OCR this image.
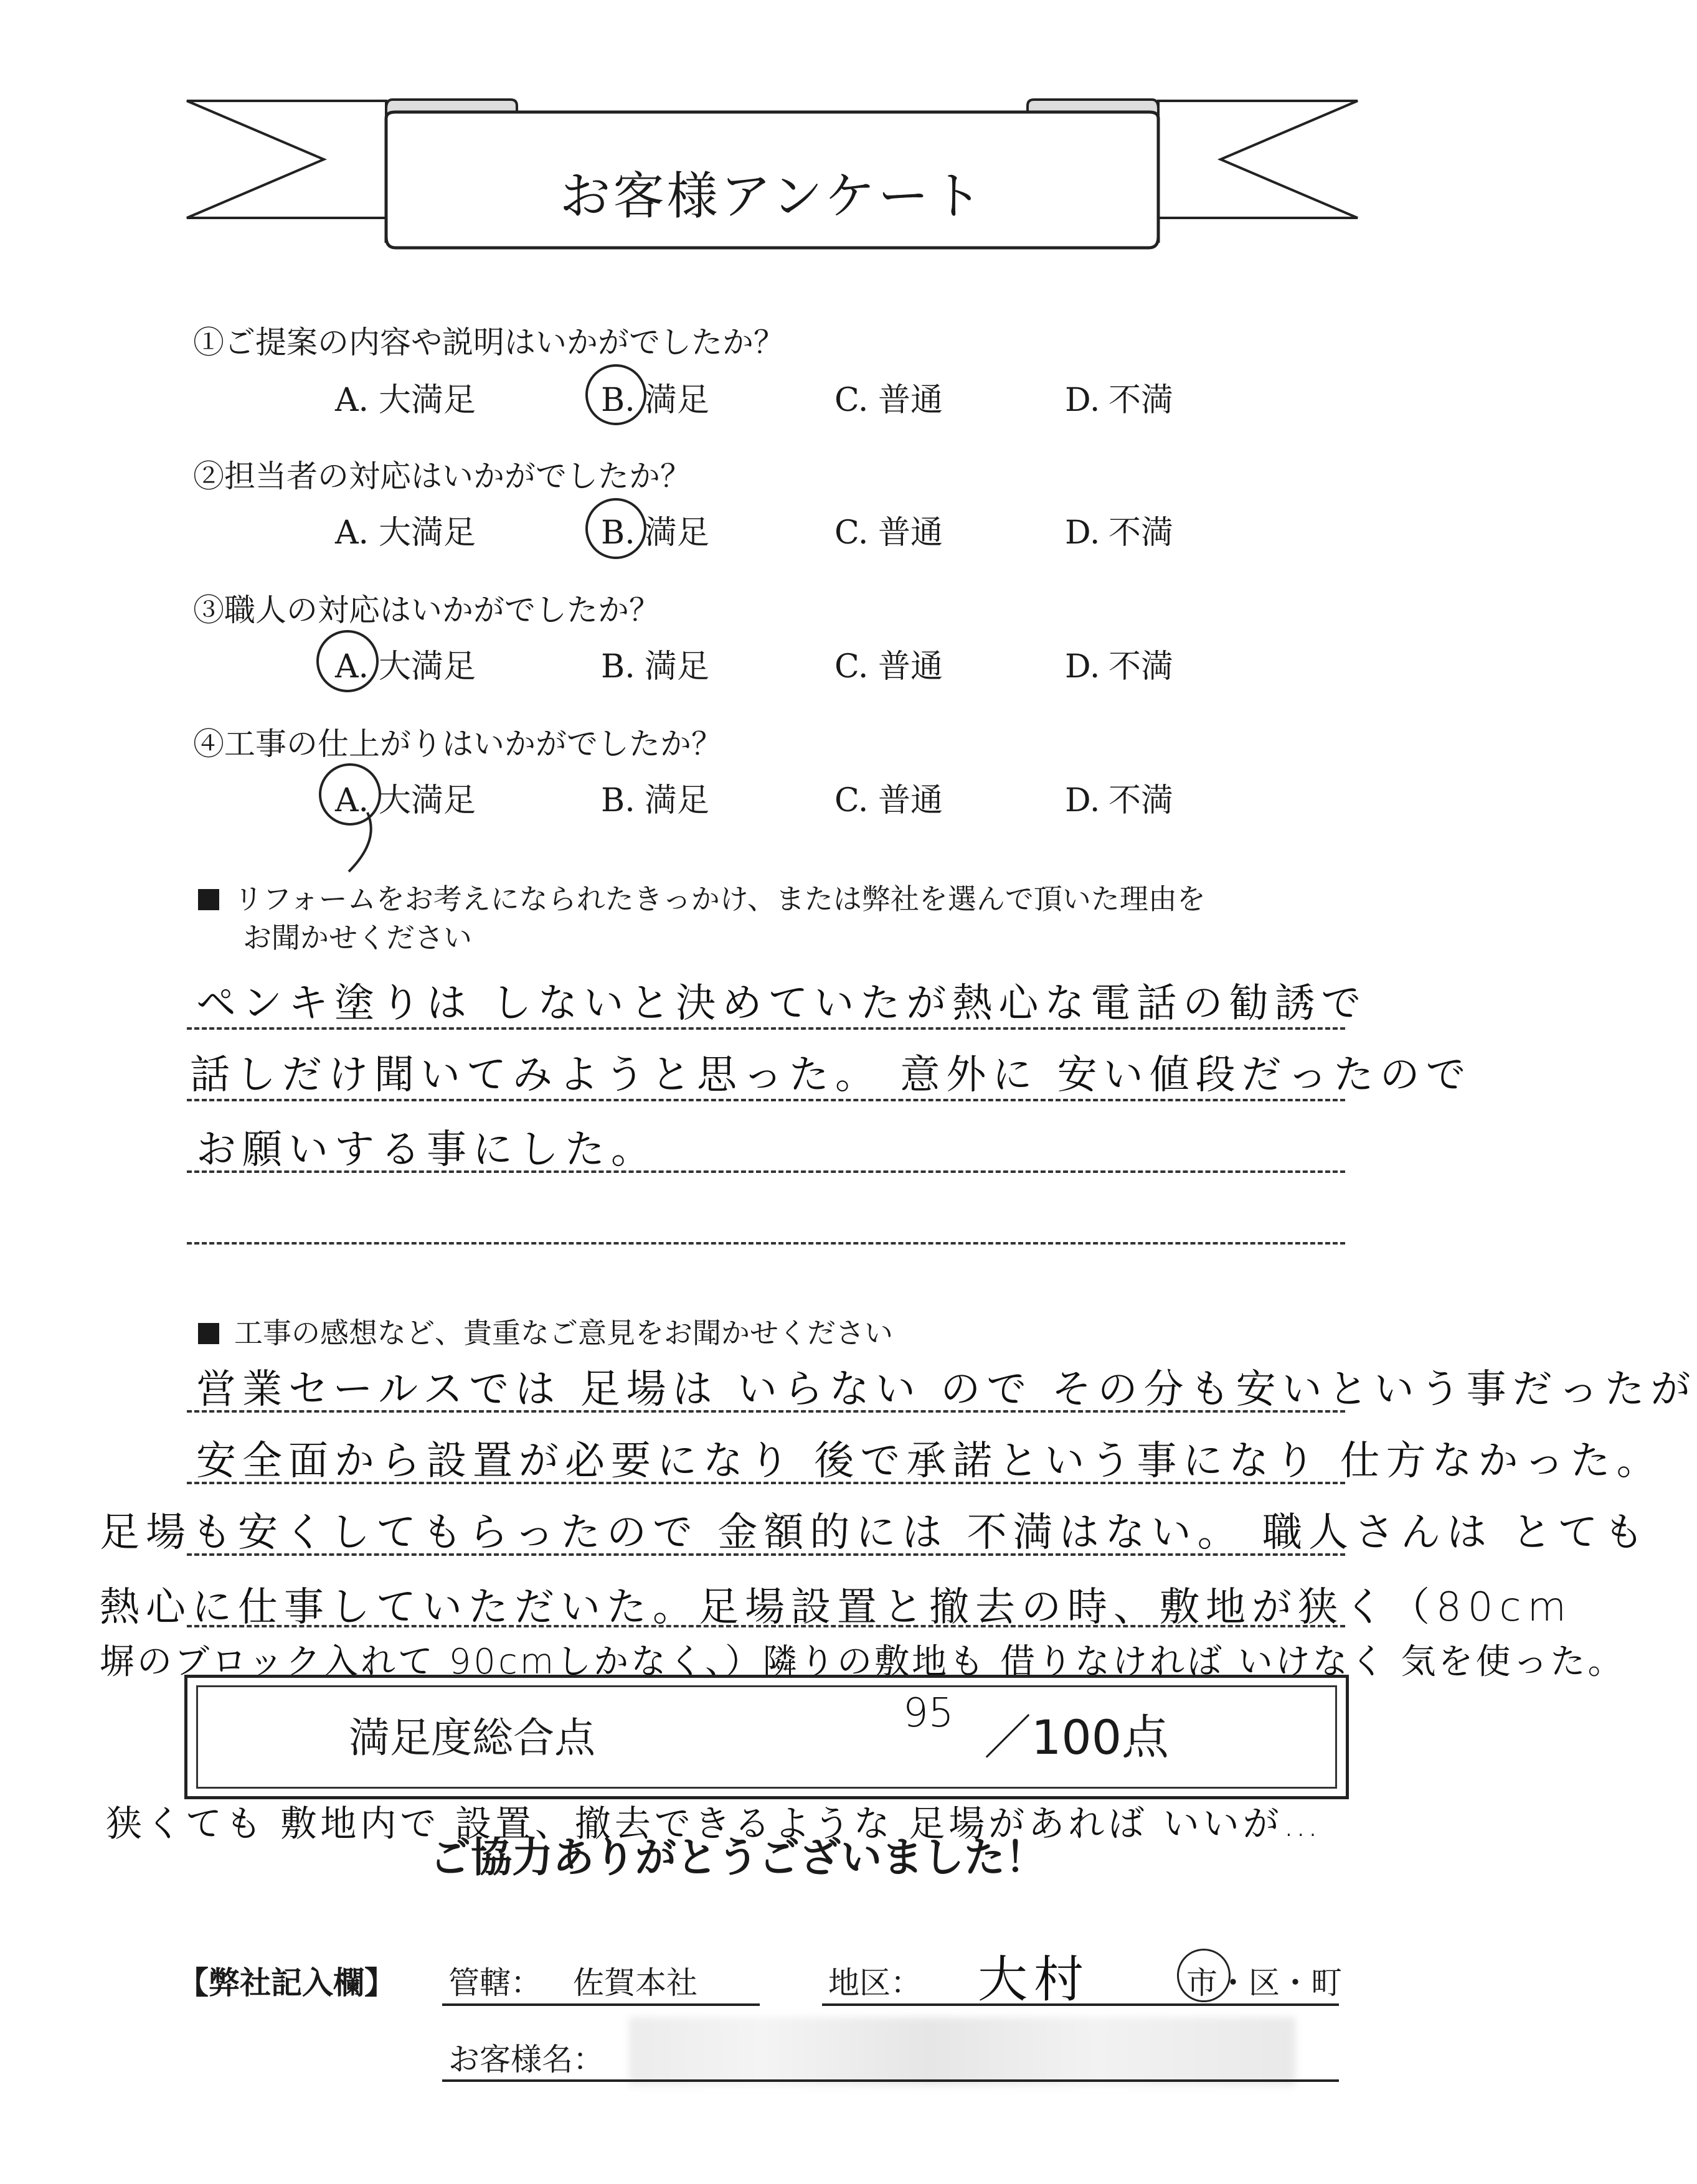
お客様アンケート
①ご提案の内容や説明はいかがでしたか？
A. 大満足	B. 満足	C. 普通	D. 不満
②担当者の対応はいかがでしたか？
A. 大満足	B. 満足	C. 普通	D. 不満
③職人の対応はいかがでしたか？
A. 大満足	B. 満足	C. 普通	D. 不満
④工事の仕上がりはいかがでしたか？
A. 大満足	B. 満足	C. 普通	D. 不満
リフォームをお考えになられたきっかけ、または弊社を選んで頂いた理由を
お聞かせください
ペンキ塗りは しないと決めていたが熱心な電話の勧誘で
話しだけ聞いてみようと思った。 意外に 安い値段だったので
お願いする事にした。
工事の感想など、貴重なご意見をお聞かせください
営業セールスでは 足場は いらない ので その分も安いという事だったが
安全面から設置が必要になり 後で承諾という事になり 仕方なかった。
足場も安くしてもらったので 金額的には 不満はない。 職人さんは とても
熱心に仕事していただいた。足場設置と撤去の時、敷地が狭く（80cm
塀のブロック入れて 90cmしかなく、）隣りの敷地も 借りなければ いけなく 気を使った。
満足度総合点
95 ／100点
狭くても 敷地内で 設置、撤去できるような 足場があれば いいが…
ご協力ありがとうございました！
【弊社記入欄】 管轄： 佐賀本社	地区： 大村	市・区・町
お客様名：
